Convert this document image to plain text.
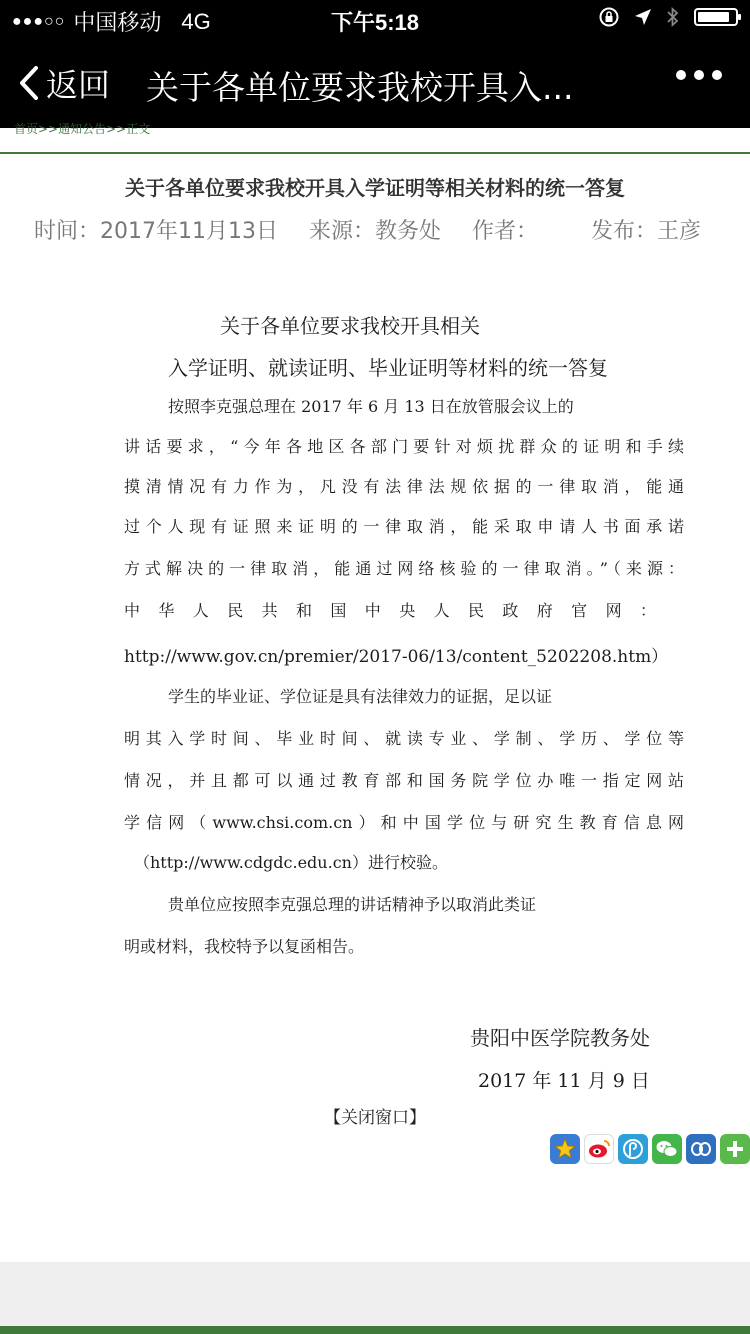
●●●○○ 中国移动 4G	下午5:18
返回 关于各单位要求我校开具入...
首页>>通知公告>>正文
关于各单位要求我校开具入学证明等相关材料的统一答复
时间：2017年11月13日 来源：教务处 作者： 发布：王彦
关于各单位要求我校开具相关
入学证明、就读证明、毕业证明等材料的统一答复
按照李克强总理在 2017 年 6 月 13 日在放管服会议上的
讲话要求，“今年各地区各部门要针对烦扰群众的证明和手续
摸清情况有力作为，凡没有法律法规依据的一律取消，能通
过个人现有证照来证明的一律取消，能采取申请人书面承诺
方式解决的一律取消，能通过网络核验的一律取消。”（来源：
中华人民共和国中央人民政府官网：
http://www.gov.cn/premier/2017-06/13/content_5202208.htm）
学生的毕业证、学位证是具有法律效力的证据，足以证
明其入学时间、毕业时间、就读专业、学制、学历、学位等
情况，并且都可以通过教育部和国务院学位办唯一指定网站
学信网（www.chsi.com.cn）和中国学位与研究生教育信息网
（http://www.cdgdc.edu.cn）进行校验。
贵单位应按照李克强总理的讲话精神予以取消此类证
明或材料，我校特予以复函相告。
贵阳中医学院教务处
2017 年 11 月 9 日
【关闭窗口】
